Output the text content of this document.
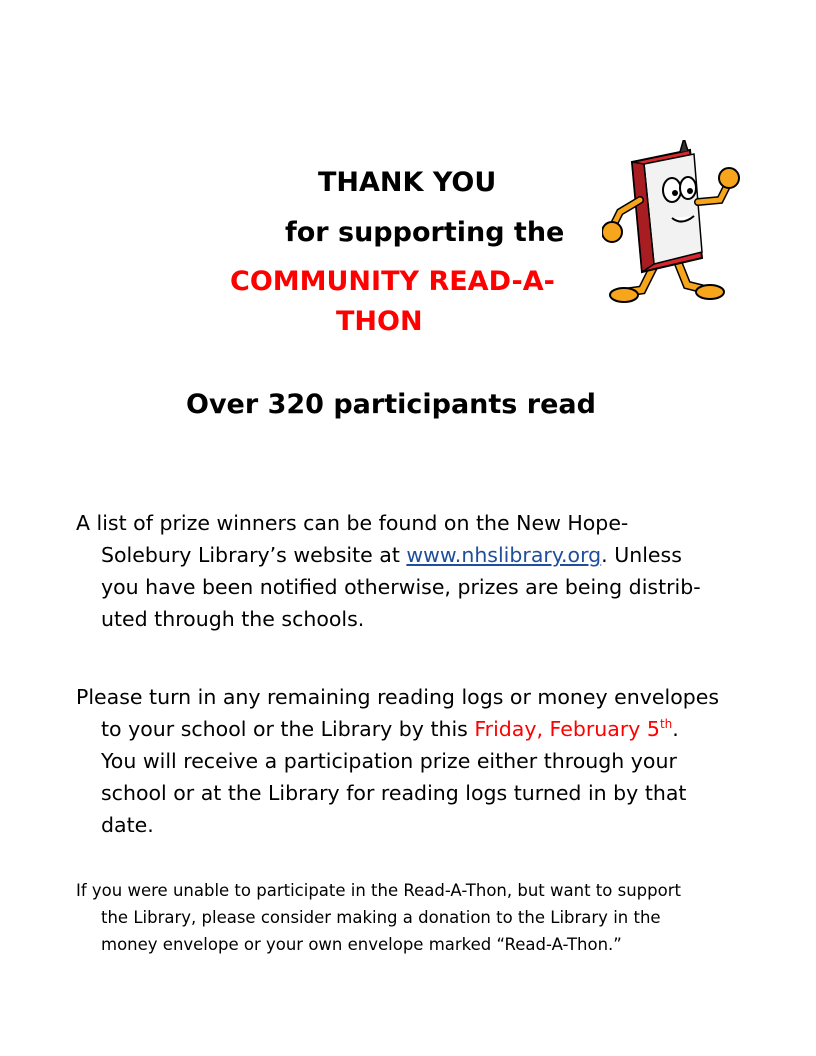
THANK YOU
for supporting the
COMMUNITY READ-A-
THON
Over 320 participants read
A list of prize winners can be found on the New Hope-
Solebury Library’s website at www.nhslibrary.org. Unless
you have been notified otherwise, prizes are being distrib-
uted through the schools.
Please turn in any remaining reading logs or money envelopes
to your school or the Library by this Friday, February 5th.
You will receive a participation prize either through your
school or at the Library for reading logs turned in by that
date.
If you were unable to participate in the Read-A-Thon, but want to support
the Library, please consider making a donation to the Library in the
money envelope or your own envelope marked “Read-A-Thon.”
